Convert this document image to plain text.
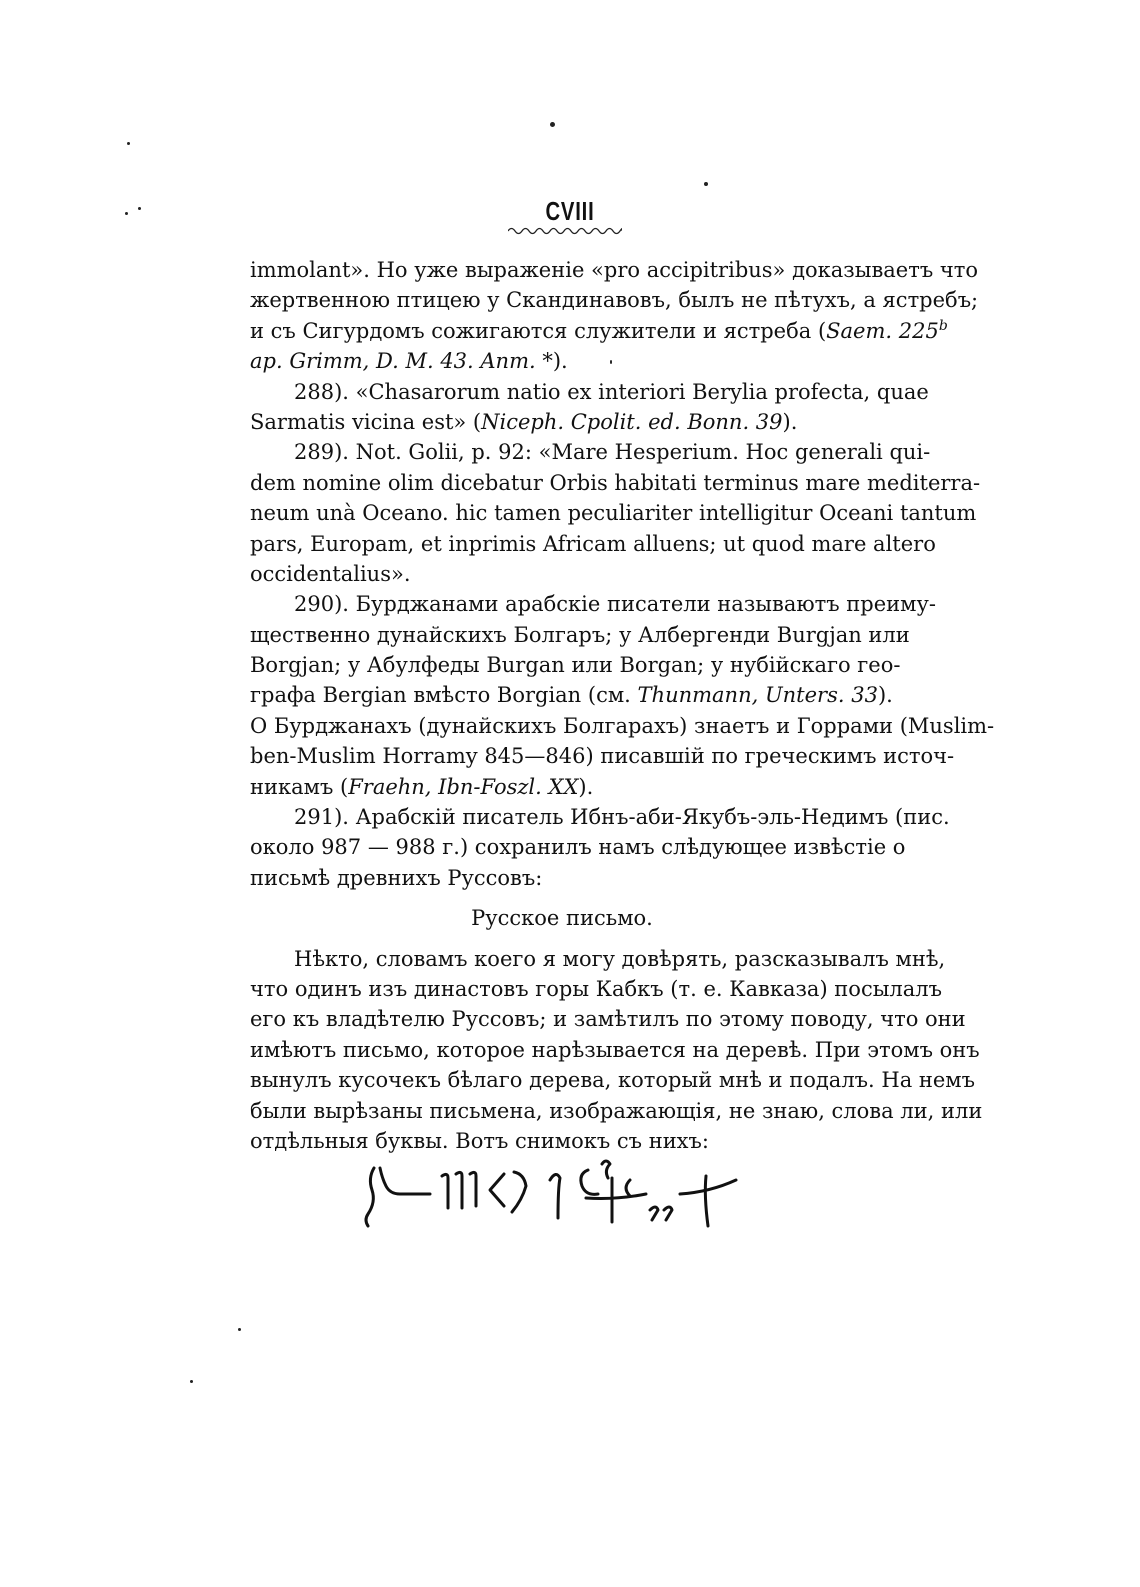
CVIII
immolant». Но уже выраженіе «pro accipitribus» доказываетъ что
жертвенною птицею у Скандинавовъ, былъ не пѣтухъ, а ястребъ;
и съ Сигурдомъ сожигаются служители и ястреба (Saem. 225$^b$
ap. Grimm, D. M. 43. Anm. *).
288). «Chasarorum natio ex interiori Berylia profecta, quae
Sarmatis vicina est» (Niceph. Cpolit. ed. Bonn. 39).
289). Not. Golii, p. 92: «Mare Hesperium. Hoc generali qui-
dem nomine olim dicebatur Orbis habitati terminus mare mediterra-
neum unà Oceano. hic tamen peculiariter intelligitur Oceani tantum
pars, Europam, et inprimis Africam alluens; ut quod mare altero
occidentalius».
290). Бурджанами арабскіе писатели называютъ преиму-
щественно дунайскихъ Болгаръ; у Албергенди Burgjan или
Borgjan; у Абулфеды Burgan или Borgan; у нубійскаго гео-
графа Bergian вмѣсто Borgian (см. Thunmann, Unters. 33).
О Бурджанахъ (дунайскихъ Болгарахъ) знаетъ и Горрами (Muslim-
ben-Muslim Horramy 845—846) писавшій по греческимъ источ-
никамъ (Fraehn, Ibn-Foszl. XX).
291). Арабскій писатель Ибнъ-аби-Якубъ-эль-Недимъ (пис.
около 987 — 988 г.) сохранилъ намъ слѣдующее извѣстіе о
письмѣ древнихъ Руссовъ:
Русское письмо.
Нѣкто, словамъ коего я могу довѣрять, разсказывалъ мнѣ,
что одинъ изъ династовъ горы Кабкъ (т. е. Кавказа) посылалъ
его къ владѣтелю Руссовъ; и замѣтилъ по этому поводу, что они
имѣютъ письмо, которое нарѣзывается на деревѣ. При этомъ онъ
вынулъ кусочекъ бѣлаго дерева, который мнѣ и подалъ. На немъ
были вырѣзаны письмена, изображающія, не знаю, слова ли, или
отдѣльныя буквы. Вотъ снимокъ съ нихъ:
